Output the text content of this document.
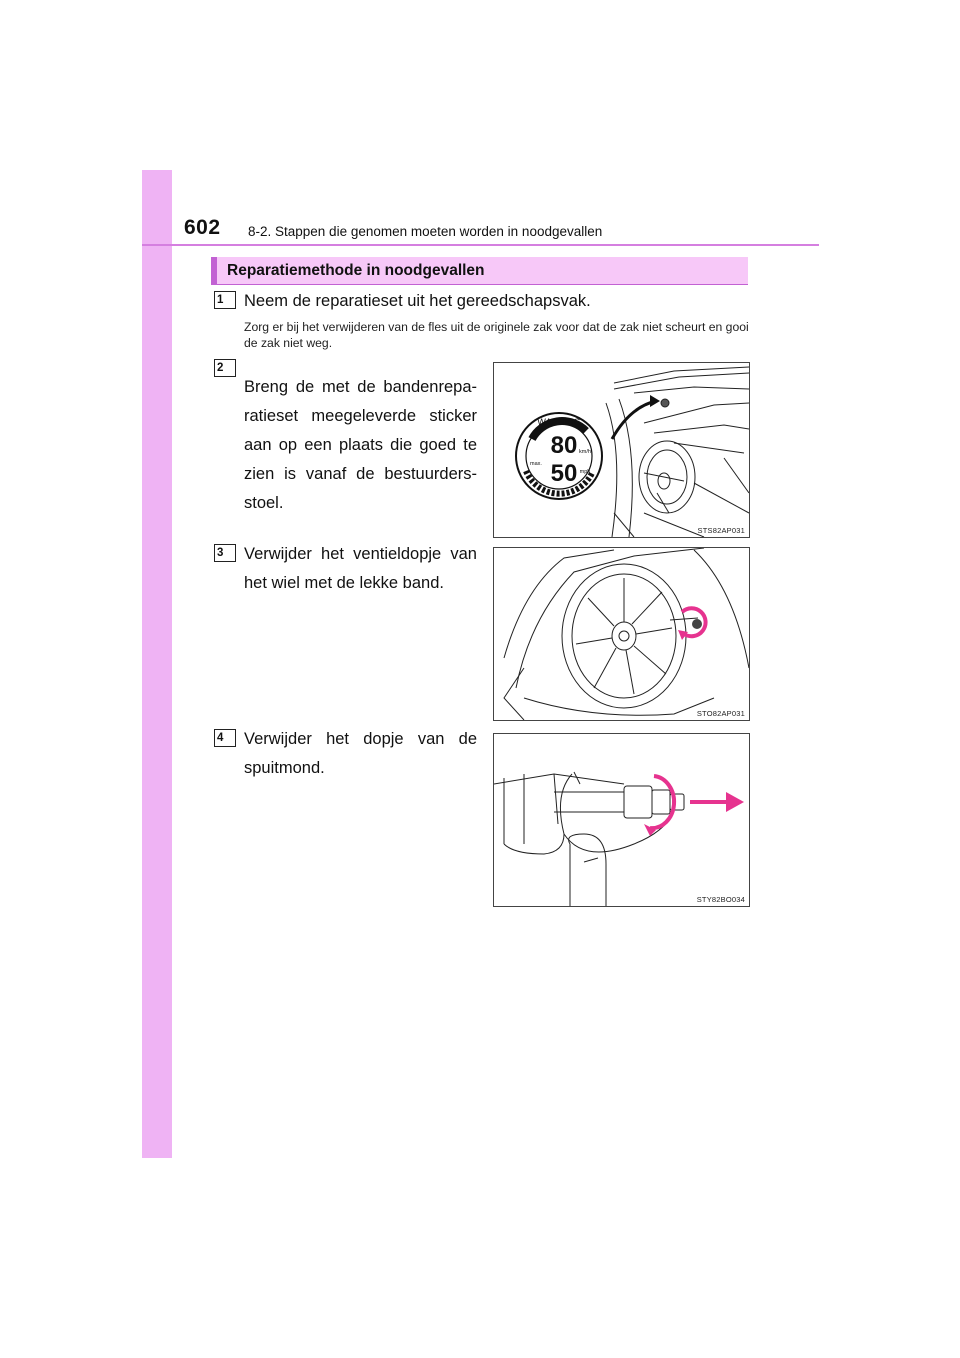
602 8-2. Stappen die genomen moeten worden in noodgevallen
Reparatiemethode in noodgevallen
1	Neem de reparatieset uit het gereedschapsvak.
Zorg er bij het verwijderen van de fles uit de originele zak voor dat de zak niet scheurt en gooi de zak niet weg.
2
Breng de met de bandenrepa-
ratieset meegeleverde sticker
aan op een plaats die goed te
zien is vanaf de bestuurders-
stoel.
WARNING
80
50
km/h
mph
max.
STS82AP031
3	Verwijder het ventieldopje van
het wiel met de lekke band.
STO82AP031
4	Verwijder het dopje van de
spuitmond.
STY82BO034
